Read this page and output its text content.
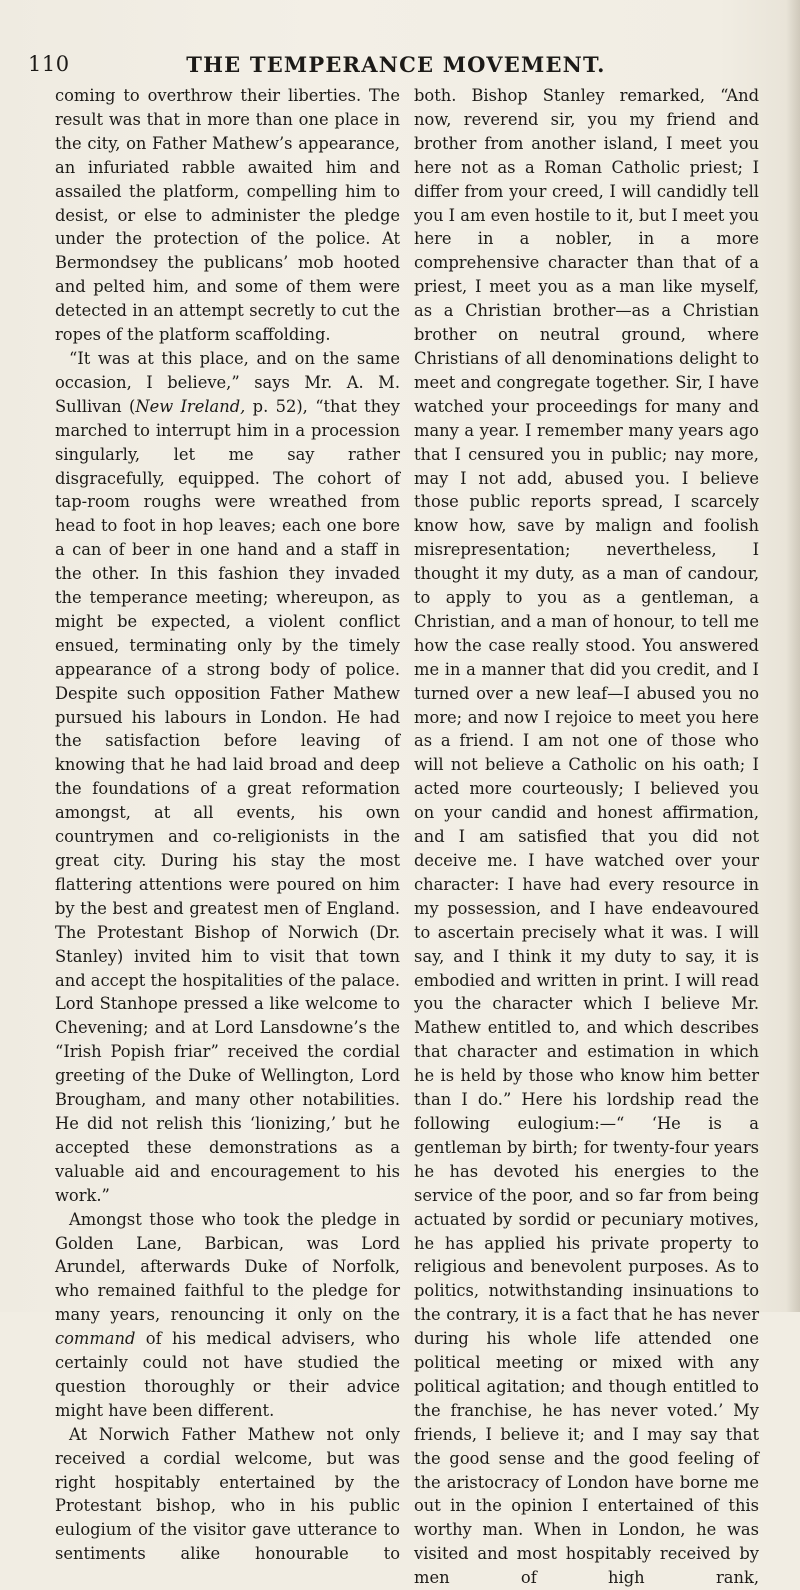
110	THE TEMPERANCE MOVEMENT.

coming to overthrow their liberties. The result was that in more than one place in the city, on Father Mathew’s appearance, an infuriated rabble awaited him and assailed the platform, compelling him to desist, or else to administer the pledge under the protection of the police. At Bermondsey the publicans’ mob hooted and pelted him, and some of them were detected in an attempt secretly to cut the ropes of the platform scaffolding.

“It was at this place, and on the same occasion, I believe,” says Mr. A. M. Sullivan (New Ireland, p. 52), “that they marched to interrupt him in a procession singularly, let me say rather disgracefully, equipped. The cohort of tap-room roughs were wreathed from head to foot in hop leaves; each one bore a can of beer in one hand and a staff in the other. In this fashion they invaded the temperance meeting; whereupon, as might be expected, a violent conflict ensued, terminating only by the timely appearance of a strong body of police. Despite such opposition Father Mathew pursued his labours in London. He had the satisfaction before leaving of knowing that he had laid broad and deep the foundations of a great reformation amongst, at all events, his own countrymen and co-religionists in the great city. During his stay the most flattering attentions were poured on him by the best and greatest men of England. The Protestant Bishop of Norwich (Dr. Stanley) invited him to visit that town and accept the hospitalities of the palace. Lord Stanhope pressed a like welcome to Chevening; and at Lord Lansdowne’s the “Irish Popish friar” received the cordial greeting of the Duke of Wellington, Lord Brougham, and many other notabilities. He did not relish this ‘lionizing,’ but he accepted these demonstrations as a valuable aid and encouragement to his work.”

Amongst those who took the pledge in Golden Lane, Barbican, was Lord Arundel, afterwards Duke of Norfolk, who remained faithful to the pledge for many years, renouncing it only on the command of his medical advisers, who certainly could not have studied the question thoroughly or their advice might have been different.

At Norwich Father Mathew not only received a cordial welcome, but was right hospitably entertained by the Protestant bishop, who in his public eulogium of the visitor gave utterance to sentiments alike honourable to

both. Bishop Stanley remarked, “And now, reverend sir, you my friend and brother from another island, I meet you here not as a Roman Catholic priest; I differ from your creed, I will candidly tell you I am even hostile to it, but I meet you here in a nobler, in a more comprehensive character than that of a priest, I meet you as a man like myself, as a Christian brother—as a Christian brother on neutral ground, where Christians of all denominations delight to meet and congregate together. Sir, I have watched your proceedings for many and many a year. I remember many years ago that I censured you in public; nay more, may I not add, abused you. I believe those public reports spread, I scarcely know how, save by malign and foolish misrepresentation; nevertheless, I thought it my duty, as a man of candour, to apply to you as a gentleman, a Christian, and a man of honour, to tell me how the case really stood. You answered me in a manner that did you credit, and I turned over a new leaf—I abused you no more; and now I rejoice to meet you here as a friend. I am not one of those who will not believe a Catholic on his oath; I acted more courteously; I believed you on your candid and honest affirmation, and I am satisfied that you did not deceive me. I have watched over your character: I have had every resource in my possession, and I have endeavoured to ascertain precisely what it was. I will say, and I think it my duty to say, it is embodied and written in print. I will read you the character which I believe Mr. Mathew entitled to, and which describes that character and estimation in which he is held by those who know him better than I do.” Here his lordship read the following eulogium:—“ ‘He is a gentleman by birth; for twenty-four years he has devoted his energies to the service of the poor, and so far from being actuated by sordid or pecuniary motives, he has applied his private property to religious and benevolent purposes. As to politics, notwithstanding insinuations to the contrary, it is a fact that he has never during his whole life attended one political meeting or mixed with any political agitation; and though entitled to the franchise, he has never voted.’ My friends, I believe it; and I may say that the good sense and the good feeling of the aristocracy of London have borne me out in the opinion I entertained of this worthy man. When in London, he was visited and most hospitably received by men of high rank,
